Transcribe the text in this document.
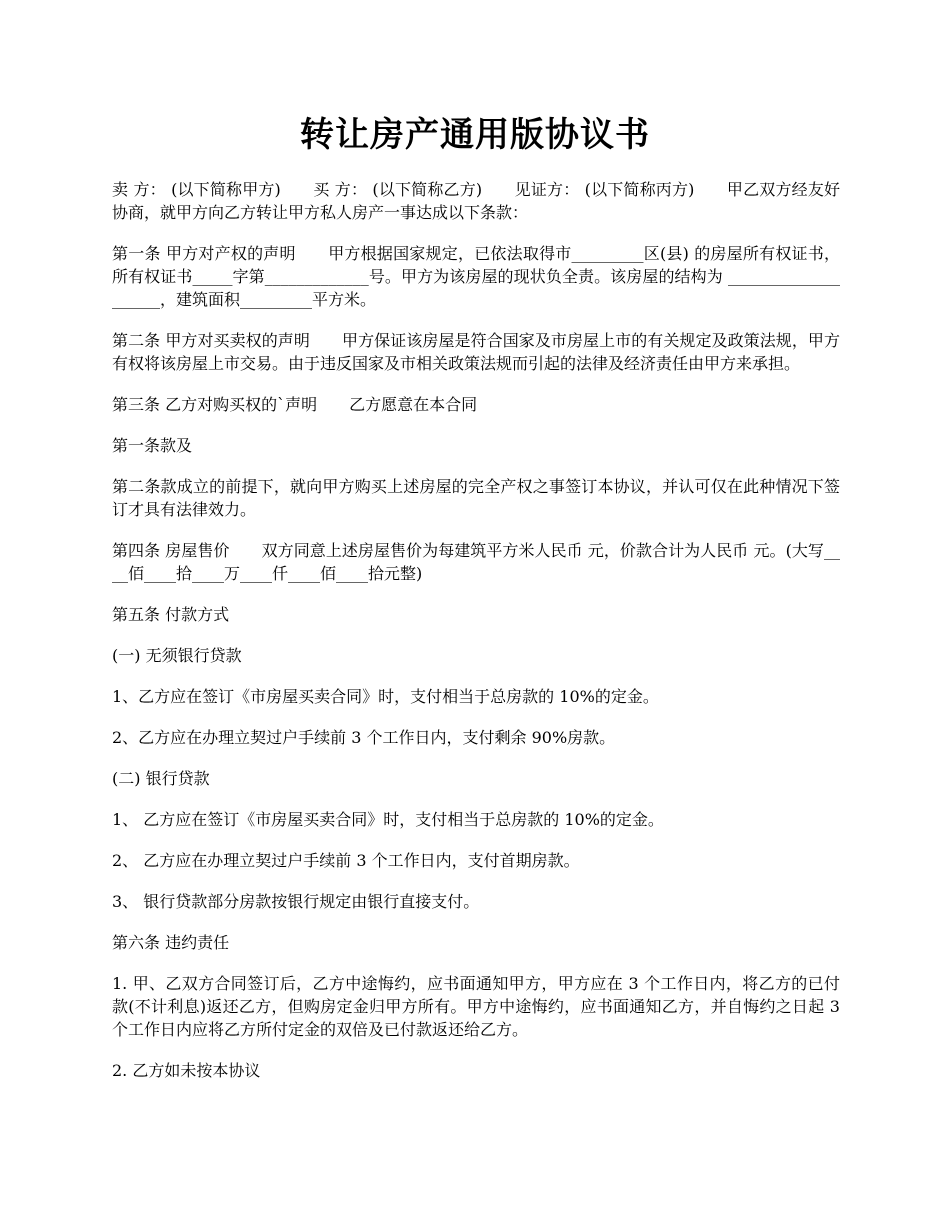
转让房产通用版协议书

卖 方： (以下简称甲方)　　买 方： (以下简称乙方)　　见证方： (以下简称丙方)　　甲乙双方经友好协商，就甲方向乙方转让甲方私人房产一事达成以下条款：

第一条 甲方对产权的声明　　甲方根据国家规定，已依法取得市_________区(县) 的房屋所有权证书，所有权证书_____字第_____________号。甲方为该房屋的现状负全责。该房屋的结构为 ____________________，建筑面积_________平方米。

第二条 甲方对买卖权的声明　　甲方保证该房屋是符合国家及市房屋上市的有关规定及政策法规，甲方有权将该房屋上市交易。由于违反国家及市相关政策法规而引起的法律及经济责任由甲方来承担。

第三条 乙方对购买权的`声明　　乙方愿意在本合同

第一条款及

第二条款成立的前提下，就向甲方购买上述房屋的完全产权之事签订本协议，并认可仅在此种情况下签订才具有法律效力。

第四条 房屋售价　　双方同意上述房屋售价为每建筑平方米人民币 元，价款合计为人民币 元。(大写____佰____拾____万____仟____佰____拾元整)

第五条 付款方式

(一) 无须银行贷款

1、乙方应在签订《市房屋买卖合同》时，支付相当于总房款的 10%的定金。

2、乙方应在办理立契过户手续前 3 个工作日内，支付剩余 90%房款。

(二) 银行贷款

1、 乙方应在签订《市房屋买卖合同》时，支付相当于总房款的 10%的定金。

2、 乙方应在办理立契过户手续前 3 个工作日内，支付首期房款。

3、 银行贷款部分房款按银行规定由银行直接支付。

第六条 违约责任

1. 甲、乙双方合同签订后，乙方中途悔约，应书面通知甲方，甲方应在 3 个工作日内，将乙方的已付款(不计利息)返还乙方，但购房定金归甲方所有。甲方中途悔约，应书面通知乙方，并自悔约之日起 3 个工作日内应将乙方所付定金的双倍及已付款返还给乙方。

2. 乙方如未按本协议
